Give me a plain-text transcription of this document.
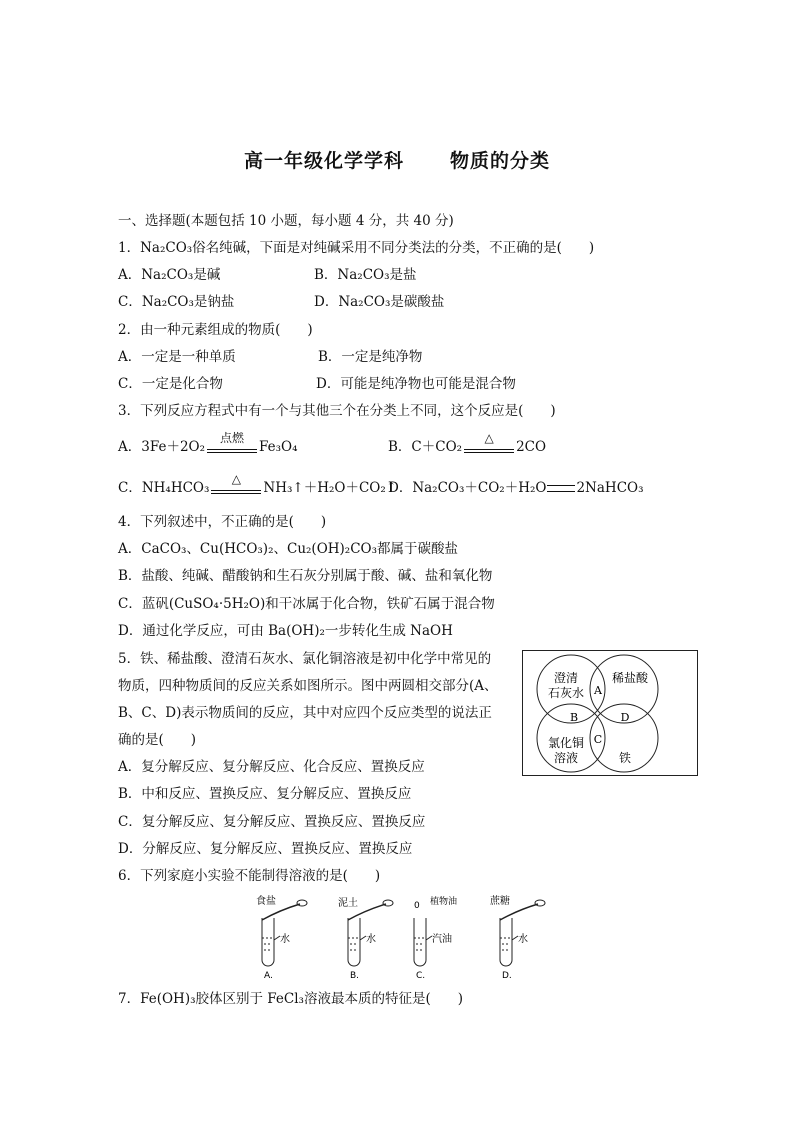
高一年级化学学科 物质的分类
一、选择题(本题包括 10 小题，每小题 4 分，共 40 分)
1．Na₂CO₃俗名纯碱，下面是对纯碱采用不同分类法的分类，不正确的是(　　)
A．Na₂CO₃是碱	B．Na₂CO₃是盐
C．Na₂CO₃是钠盐	D．Na₂CO₃是碳酸盐
2．由一种元素组成的物质(　　)
A．一定是一种单质	B．一定是纯净物
C．一定是化合物	D．可能是纯净物也可能是混合物
3．下列反应方程式中有一个与其他三个在分类上不同，这个反应是(　　)
A．3Fe＋2O₂
点燃
Fe₃O₄	B．C＋CO₂
△
2CO
C．NH₄HCO₃
△
NH₃↑＋H₂O＋CO₂↑
D．Na₂CO₃＋CO₂＋H₂O 2NaHCO₃
4．下列叙述中，不正确的是(　　)
A．CaCO₃、Cu(HCO₃)₂、Cu₂(OH)₂CO₃都属于碳酸盐
B．盐酸、纯碱、醋酸钠和生石灰分别属于酸、碱、盐和氧化物
C．蓝矾(CuSO₄·5H₂O)和干冰属于化合物，铁矿石属于混合物
D．通过化学反应，可由 Ba(OH)₂一步转化生成 NaOH
5．铁、稀盐酸、澄清石灰水、氯化铜溶液是初中化学中常见的
物质，四种物质间的反应关系如图所示。图中两圆相交部分(A、
B、C、D)表示物质间的反应，其中对应四个反应类型的说法正
确的是(　　)
A．复分解反应、复分解反应、化合反应、置换反应
B．中和反应、置换反应、复分解反应、置换反应
C．复分解反应、复分解反应、置换反应、置换反应
D．分解反应、复分解反应、置换反应、置换反应
澄清
石灰水
稀盐酸
氯化铜
溶液	铁
A
B	D
C
6．下列家庭小实验不能制得溶液的是(　　)
食盐
水
A.
泥土
水
B.
0 植物油
汽油
C.
蔗糖
水
D.
7．Fe(OH)₃胶体区别于 FeCl₃溶液最本质的特征是(　　)
